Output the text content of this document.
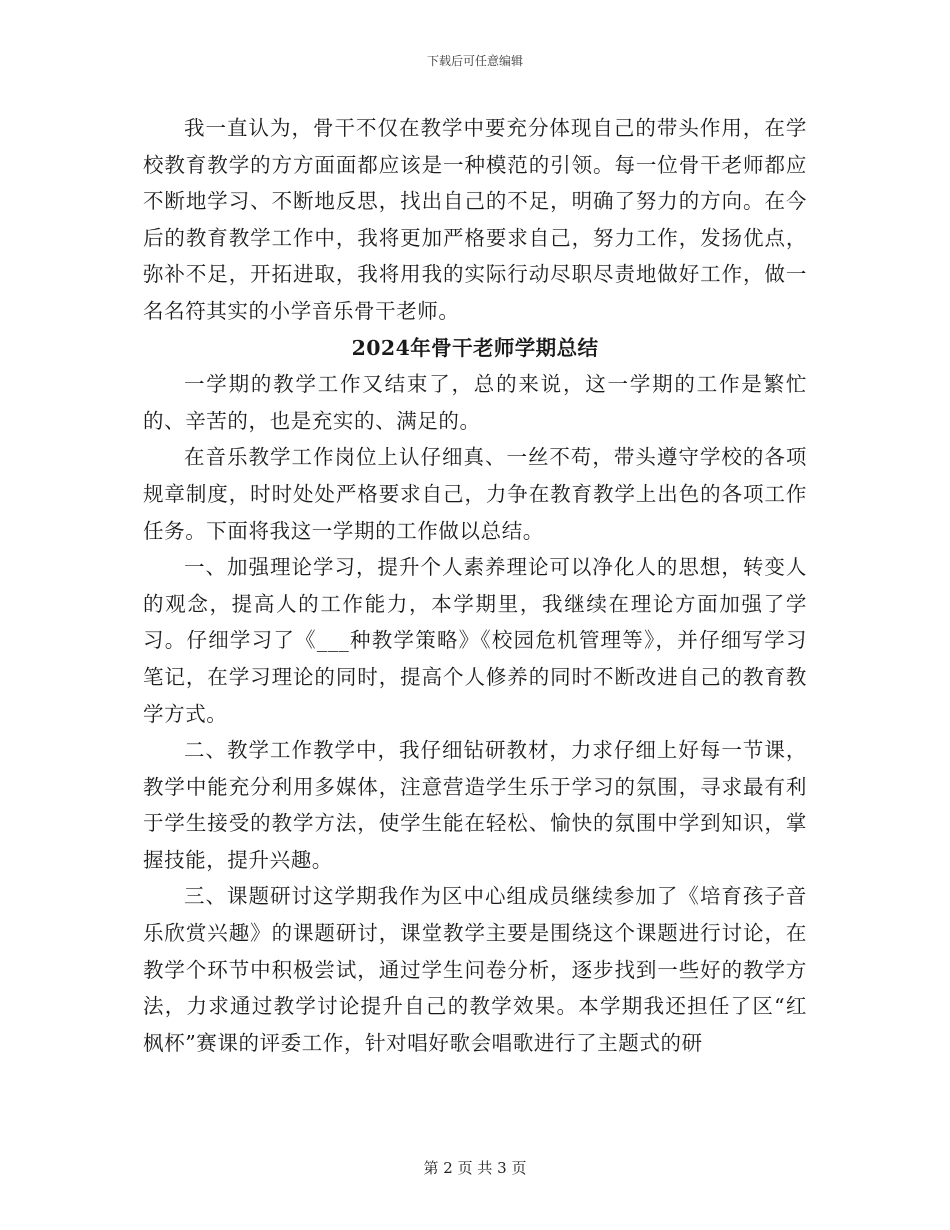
下载后可任意编辑

我一直认为，骨干不仅在教学中要充分体现自己的带头作用，在学校教育教学的方方面面都应该是一种模范的引领。每一位骨干老师都应不断地学习、不断地反思，找出自己的不足，明确了努力的方向。在今后的教育教学工作中，我将更加严格要求自己，努力工作，发扬优点，弥补不足，开拓进取，我将用我的实际行动尽职尽责地做好工作，做一名名符其实的小学音乐骨干老师。

2024年骨干老师学期总结

一学期的教学工作又结束了，总的来说，这一学期的工作是繁忙的、辛苦的，也是充实的、满足的。

在音乐教学工作岗位上认仔细真、一丝不苟，带头遵守学校的各项规章制度，时时处处严格要求自己，力争在教育教学上出色的各项工作任务。下面将我这一学期的工作做以总结。

一、加强理论学习，提升个人素养理论可以净化人的思想，转变人的观念，提高人的工作能力，本学期里，我继续在理论方面加强了学习。仔细学习了《___种教学策略》《校园危机管理等》，并仔细写学习笔记，在学习理论的同时，提高个人修养的同时不断改进自己的教育教学方式。

二、教学工作教学中，我仔细钻研教材，力求仔细上好每一节课，教学中能充分利用多媒体，注意营造学生乐于学习的氛围，寻求最有利于学生接受的教学方法，使学生能在轻松、愉快的氛围中学到知识，掌握技能，提升兴趣。

三、课题研讨这学期我作为区中心组成员继续参加了《培育孩子音乐欣赏兴趣》的课题研讨，课堂教学主要是围绕这个课题进行讨论，在教学个环节中积极尝试，通过学生问卷分析，逐步找到一些好的教学方法，力求通过教学讨论提升自己的教学效果。本学期我还担任了区“红枫杯”赛课的评委工作，针对唱好歌会唱歌进行了主题式的研

第 2 页 共 3 页
